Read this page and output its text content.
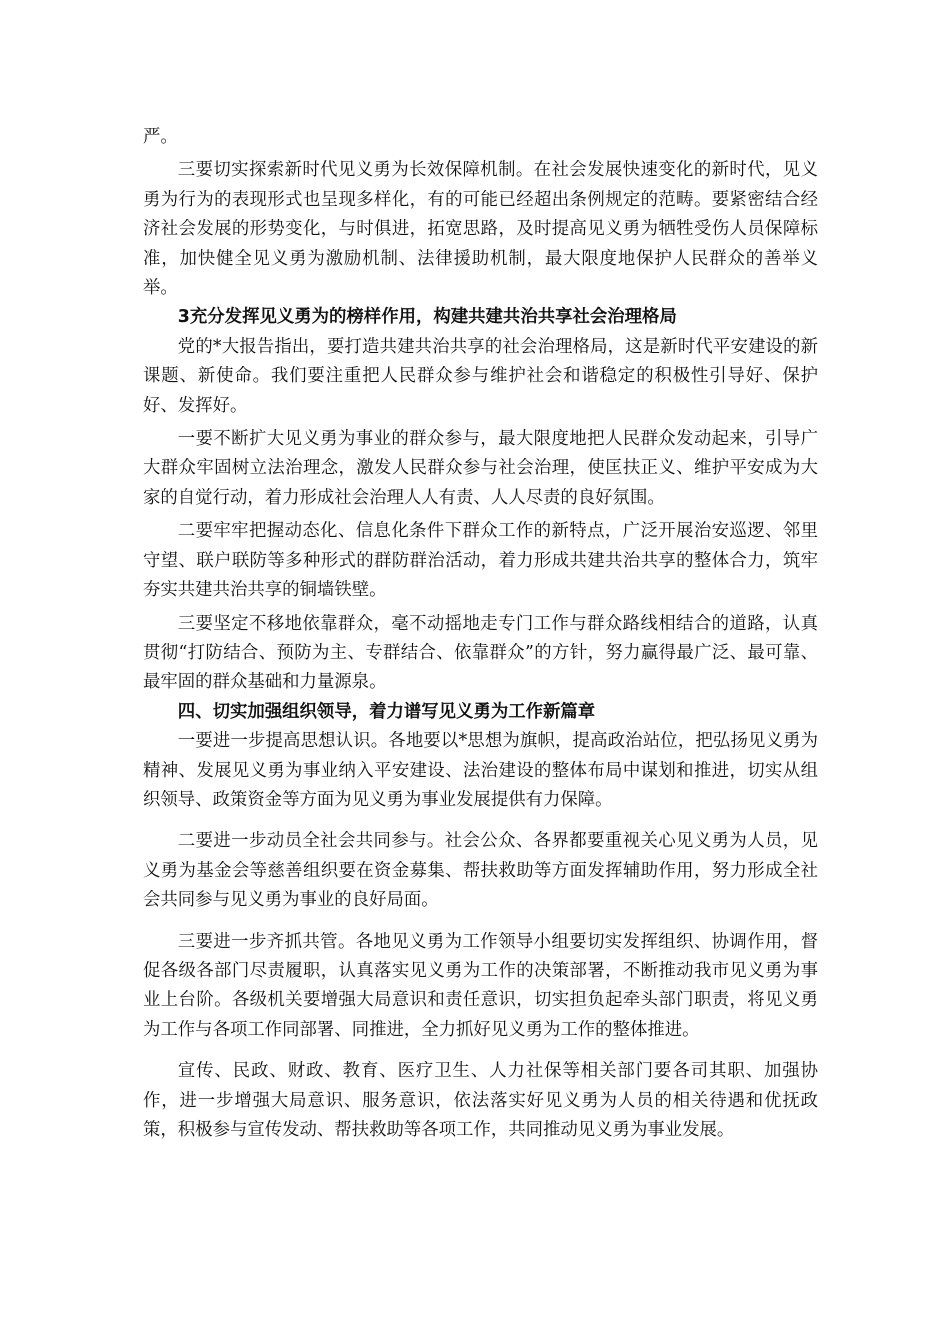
严。

三要切实探索新时代见义勇为长效保障机制。在社会发展快速变化的新时代，见义勇为行为的表现形式也呈现多样化，有的可能已经超出条例规定的范畴。要紧密结合经济社会发展的形势变化，与时俱进，拓宽思路，及时提高见义勇为牺牲受伤人员保障标准，加快健全见义勇为激励机制、法律援助机制，最大限度地保护人民群众的善举义举。

3充分发挥见义勇为的榜样作用，构建共建共治共享社会治理格局

党的*大报告指出，要打造共建共治共享的社会治理格局，这是新时代平安建设的新课题、新使命。我们要注重把人民群众参与维护社会和谐稳定的积极性引导好、保护好、发挥好。

一要不断扩大见义勇为事业的群众参与，最大限度地把人民群众发动起来，引导广大群众牢固树立法治理念，激发人民群众参与社会治理，使匡扶正义、维护平安成为大家的自觉行动，着力形成社会治理人人有责、人人尽责的良好氛围。

二要牢牢把握动态化、信息化条件下群众工作的新特点，广泛开展治安巡逻、邻里守望、联户联防等多种形式的群防群治活动，着力形成共建共治共享的整体合力，筑牢夯实共建共治共享的铜墙铁壁。

三要坚定不移地依靠群众，毫不动摇地走专门工作与群众路线相结合的道路，认真贯彻“打防结合、预防为主、专群结合、依靠群众”的方针，努力赢得最广泛、最可靠、最牢固的群众基础和力量源泉。

四、切实加强组织领导，着力谱写见义勇为工作新篇章

一要进一步提高思想认识。各地要以*思想为旗帜，提高政治站位，把弘扬见义勇为精神、发展见义勇为事业纳入平安建设、法治建设的整体布局中谋划和推进，切实从组织领导、政策资金等方面为见义勇为事业发展提供有力保障。

二要进一步动员全社会共同参与。社会公众、各界都要重视关心见义勇为人员，见义勇为基金会等慈善组织要在资金募集、帮扶救助等方面发挥辅助作用，努力形成全社会共同参与见义勇为事业的良好局面。

三要进一步齐抓共管。各地见义勇为工作领导小组要切实发挥组织、协调作用，督促各级各部门尽责履职，认真落实见义勇为工作的决策部署，不断推动我市见义勇为事业上台阶。各级机关要增强大局意识和责任意识，切实担负起牵头部门职责，将见义勇为工作与各项工作同部署、同推进，全力抓好见义勇为工作的整体推进。

宣传、民政、财政、教育、医疗卫生、人力社保等相关部门要各司其职、加强协作，进一步增强大局意识、服务意识，依法落实好见义勇为人员的相关待遇和优抚政策，积极参与宣传发动、帮扶救助等各项工作，共同推动见义勇为事业发展。
